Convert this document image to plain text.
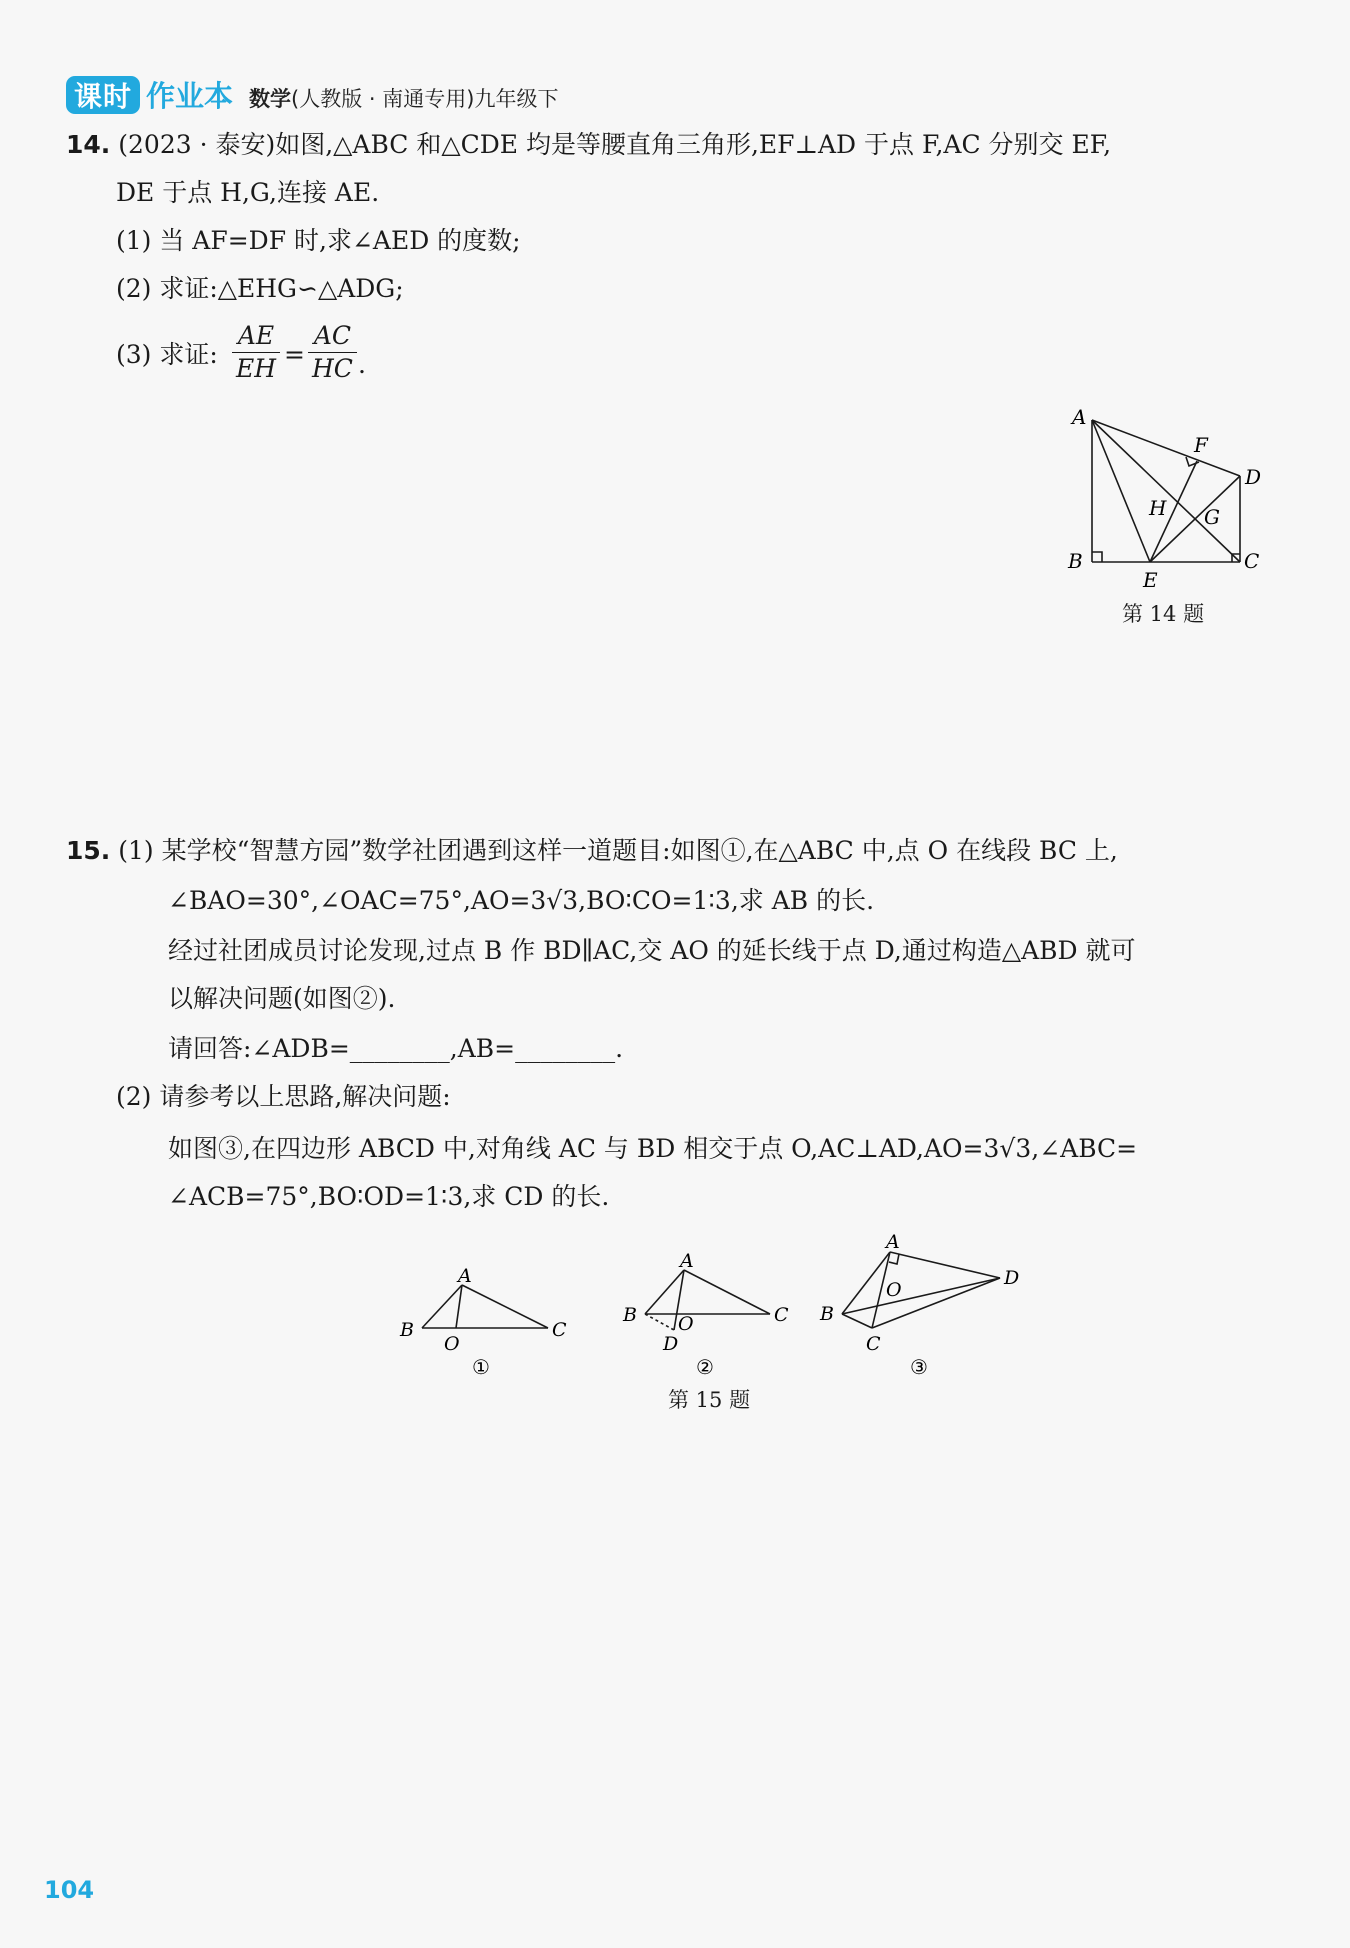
课时 作业本 数学(人教版 · 南通专用)九年级下
14. (2023 · 泰安)如图,△ABC 和△CDE 均是等腰直角三角形,EF⊥AD 于点 F,AC 分别交 EF,
DE 于点 H,G,连接 AE.
(1) 当 AF=DF 时,求∠AED 的度数;
(2) 求证:△EHG∽△ADG;
(3) 求证: $\frac{AE}{EH} = \frac{AC}{HC}$ .
A
B	C
D
E
F
G
H
第 14 题
15. (1) 某学校“智慧方园”数学社团遇到这样一道题目:如图①,在△ABC 中,点 O 在线段 BC 上,
∠BAO=30°,∠OAC=75°,AO=3√3,BO∶CO=1∶3,求 AB 的长.
经过社团成员讨论发现,过点 B 作 BD∥AC,交 AO 的延长线于点 D,通过构造△ABD 就可
以解决问题(如图②).
请回答:∠ADB=________,AB=________.
(2) 请参考以上思路,解决问题:
如图③,在四边形 ABCD 中,对角线 AC 与 BD 相交于点 O,AC⊥AD,AO=3√3,∠ABC=
∠ACB=75°,BO∶OD=1∶3,求 CD 的长.
A
B
O
C
①
A
B O	C
D
②
A
O
D
B
C
③
第 15 题
104
